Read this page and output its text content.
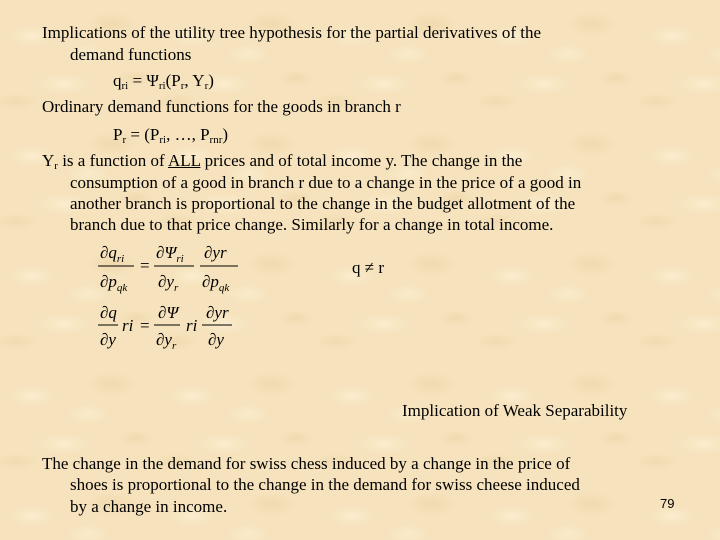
Implications of the utility tree hypothesis for the partial derivatives of the
demand functions
$q_{ri} = \Psi_{ri}(P_r$, $Y_r$)
Ordinary demand functions for the goods in branch r
$P_r = (P_{ri}$, …, $P_{rnr}$)
$Y_r$ is a function of ALL prices and of total income y. The change in the
consumption of a good in branch r due to a change in the price of a good in
another branch is proportional to the change in the budget allotment of the
branch due to that price change. Similarly for a change in total income.
$\partial q_{ri}$
$\partial p_{qk}$
=
$\partial\Psi_{ri}$
$\partial y_r$
∂yr
$\partial p_{qk}$
q ≠ r
∂q
∂y
ri =
∂Ψ
$\partial y_r$
ri
∂yr
∂y
Implication of Weak Separability
The change in the demand for swiss chess induced by a change in the price of
shoes is proportional to the change in the demand for swiss cheese induced
by a change in income.	79
